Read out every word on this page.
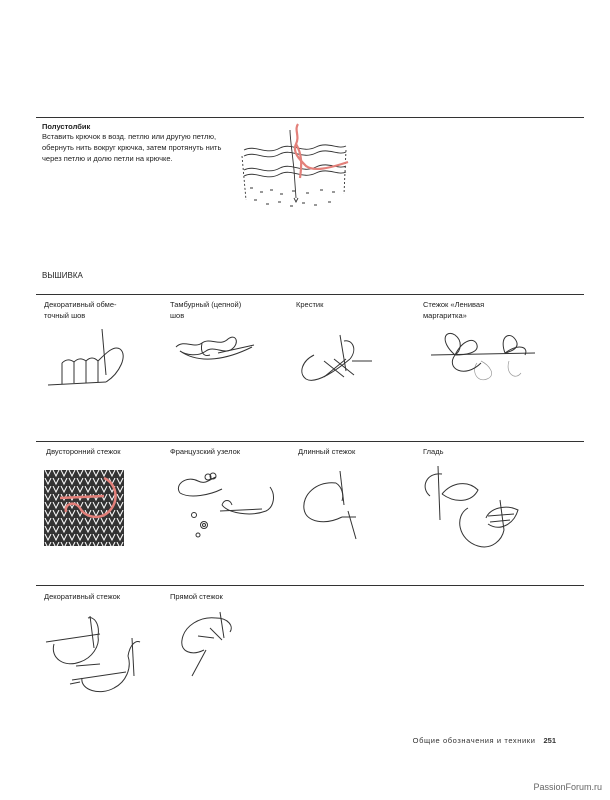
Полустолбик
Вставить крючок в возд. петлю или другую петлю,
обернуть нить вокруг крючка, затем протянуть нить
через петлю и долю петли на крючке.
ВЫШИВКА
Декоративный обме-
точный шов
Тамбурный (цепной)
шов
Крестик	Стежок «Ленивая
маргаритка»
Двусторонний стежок	Французский узелок	Длинный стежок	Гладь
Декоративный стежок	Прямой стежок
Общие обозначения и техники 251
PassionForum.ru
